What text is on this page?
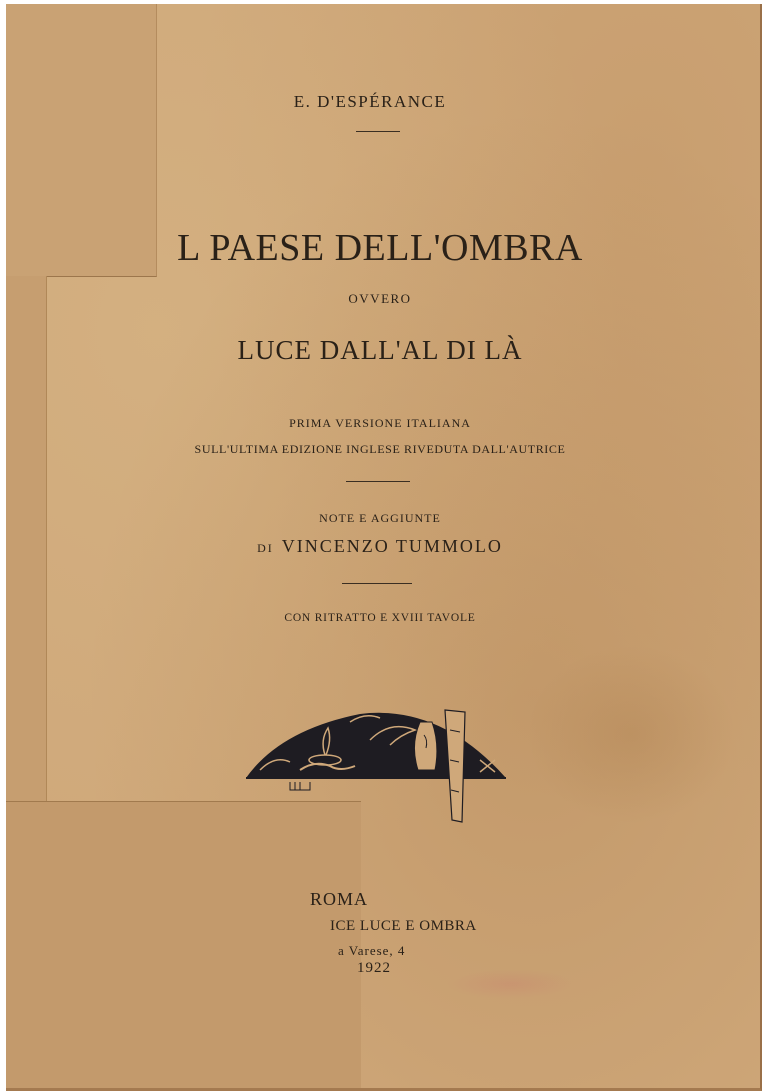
E. D'ESPÉRANCE
L PAESE DELL'OMBRA
OVVERO
LUCE DALL'AL DI LÀ
PRIMA VERSIONE ITALIANA
SULL'ULTIMA EDIZIONE INGLESE RIVEDUTA DALL'AUTRICE
NOTE E AGGIUNTE
DI VINCENZO TUMMOLO
CON RITRATTO E XVIII TAVOLE
ROMA
ICE LUCE E OMBRA
a Varese, 4
1922
